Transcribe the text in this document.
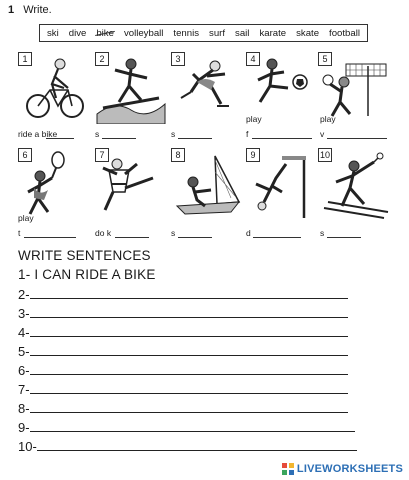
1 Write.
ski dive bike volleyball tennis surf sail karate skate football
1	2	3	4	5
ride a bike	s	s
play
f
play
v
6	7	8	9	10
play
t	do k	s	d	s
WRITE SENTENCES
1- I CAN RIDE A BIKE
2-
3-
4-
5-
6-
7-
8-
9-
10-
LIVEWORKSHEETS
